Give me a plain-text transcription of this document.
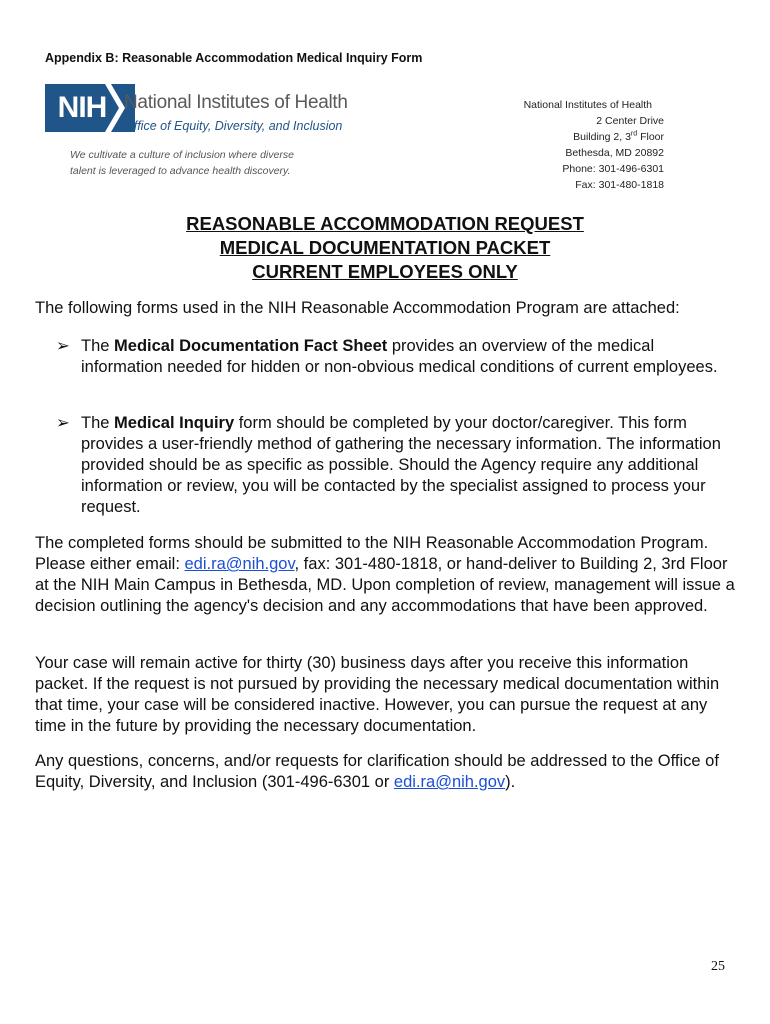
Appendix B: Reasonable Accommodation Medical Inquiry Form
NIH National Institutes of Health
Office of Equity, Diversity, and Inclusion
We cultivate a culture of inclusion where diverse
talent is leveraged to advance health discovery.
National Institutes of Health
2 Center Drive
Building 2, 3rd Floor
Bethesda, MD 20892
Phone: 301-496-6301
Fax: 301-480-1818
REASONABLE ACCOMMODATION REQUEST
MEDICAL DOCUMENTATION PACKET
CURRENT EMPLOYEES ONLY
The following forms used in the NIH Reasonable Accommodation Program are attached:
➢ The Medical Documentation Fact Sheet provides an overview of the medical information needed for hidden or non-obvious medical conditions of current employees.
➢ The Medical Inquiry form should be completed by your doctor/caregiver. This form provides a user-friendly method of gathering the necessary information. The information provided should be as specific as possible. Should the Agency require any additional information or review, you will be contacted by the specialist assigned to process your request.
The completed forms should be submitted to the NIH Reasonable Accommodation Program. Please either email: edi.ra@nih.gov, fax: 301-480-1818, or hand-deliver to Building 2, 3rd Floor at the NIH Main Campus in Bethesda, MD. Upon completion of review, management will issue a decision outlining the agency's decision and any accommodations that have been approved.
Your case will remain active for thirty (30) business days after you receive this information packet. If the request is not pursued by providing the necessary medical documentation within that time, your case will be considered inactive. However, you can pursue the request at any time in the future by providing the necessary documentation.
Any questions, concerns, and/or requests for clarification should be addressed to the Office of Equity, Diversity, and Inclusion (301-496-6301 or edi.ra@nih.gov).
25
